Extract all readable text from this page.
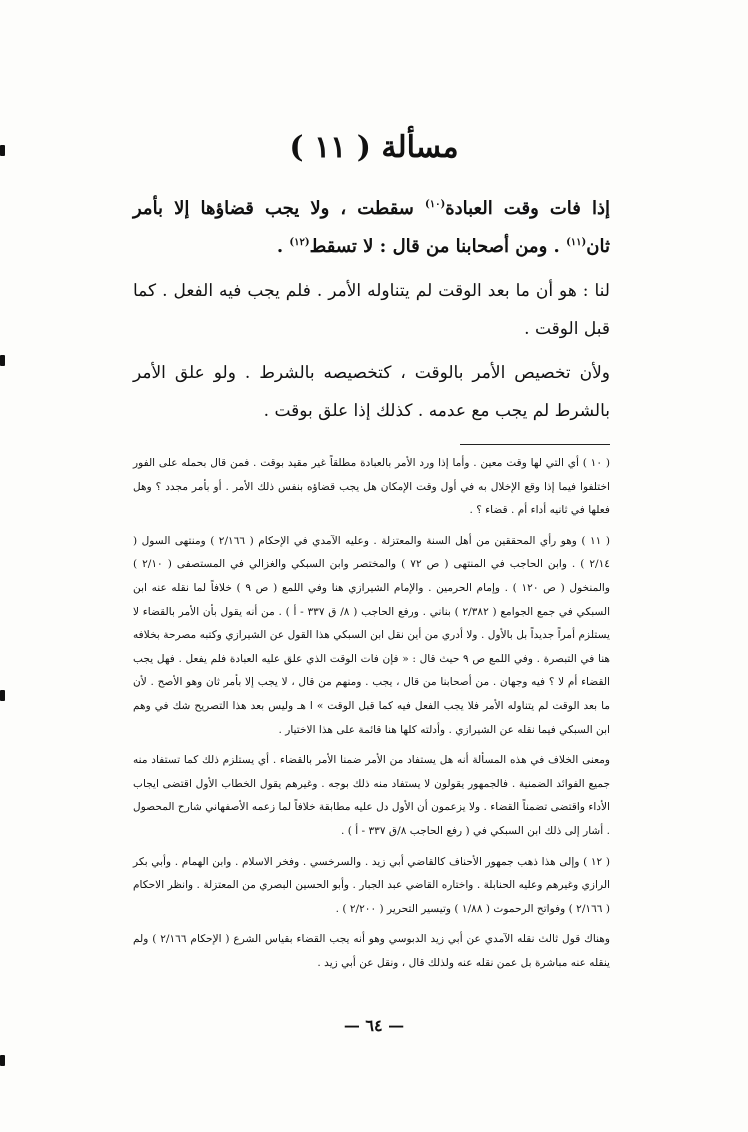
مسألة ( ١١ )

إذا فات وقت العبادة$^{(١٠)}$ سقطت ، ولا يجب قضاؤها إلا بأمر ثان$^{(١١)}$ . ومن أصحابنا من قال : لا تسقط$^{(١٢)}$ .

لنا : هو أن ما بعد الوقت لم يتناوله الأمر . فلم يجب فيه الفعل . كما قبل الوقت .

ولأن تخصيص الأمر بالوقت ، كتخصيصه بالشرط . ولو علق الأمر بالشرط لم يجب مع عدمه . كذلك إذا علق بوقت .

( ١٠ ) أي التي لها وقت معين . وأما إذا ورد الأمر بالعبادة مطلقاً غير مقيد بوقت . فمن قال بحمله على الفور اختلفوا فيما إذا وقع الإخلال به في أول وقت الإمكان هل يجب قضاؤه بنفس ذلك الأمر . أو بأمر مجدد ؟ وهل فعلها في ثانيه أداء أم . قضاء ؟ .

( ١١ ) وهو رأي المحققين من أهل السنة والمعتزلة . وعليه الآمدي في الإحكام ( ٢/١٦٦ ) ومنتهى السول ( ٢/١٤ ) . وابن الحاجب في المنتهى ( ص ٧٢ ) والمختصر وابن السبكي والغزالي في المستصفى ( ٢/١٠ ) والمنخول ( ص ١٢٠ ) . وإمام الحرمين . والإمام الشيرازي هنا وفي اللمع ( ص ٩ ) خلافاً لما نقله عنه ابن السبكي في جمع الجوامع ( ٢/٣٨٢ ) بناني . ورفع الحاجب ( ٨/ ق ٣٣٧ - أ ) . من أنه يقول بأن الأمر بالقضاء لا يستلزم أمراً جديداً بل بالأول . ولا أدري من أين نقل ابن السبكي هذا القول عن الشيرازي وكتبه مصرحة بخلافه هنا في التبصرة . وفي اللمع ص ٩ حيث قال : « فإن فات الوقت الذي علق عليه العبادة فلم يفعل . فهل يجب القضاء أم لا ؟ فيه وجهان . من أصحابنا من قال ، يجب . ومنهم من قال ، لا يجب إلا بأمر ثان وهو الأصح . لأن ما بعد الوقت لم يتناوله الأمر فلا يجب الفعل فيه كما قبل الوقت » ا هـ وليس بعد هذا التصريح شك في وهم ابن السبكي فيما نقله عن الشيرازي . وأدلته كلها هنا قائمة على هذا الاختيار .

ومعنى الخلاف في هذه المسألة أنه هل يستفاد من الأمر ضمنا الأمر بالقضاء . أي يستلزم ذلك كما تستفاد منه جميع الفوائد الضمنية . فالجمهور يقولون لا يستفاد منه ذلك بوجه . وغيرهم يقول الخطاب الأول اقتضى ايجاب الأداء واقتضى تضمناً القضاء . ولا يزعمون أن الأول دل عليه مطابقة خلافاً لما زعمه الأصفهاني شارح المحصول . أشار إلى ذلك ابن السبكي في ( رفع الحاجب ٨/ق ٣٣٧ - أ ) .

( ١٢ ) وإلى هذا ذهب جمهور الأحناف كالقاضي أبي زيد . والسرخسي . وفخر الاسلام . وابن الهمام . وأبي بكر الرازي وغيرهم وعليه الحنابلة . واختاره القاضي عبد الجبار . وأبو الحسين البصري من المعتزلة . وانظر الاحكام ( ٢/١٦٦ ) وفواتح الرحموت ( ١/٨٨ ) وتيسير التحرير ( ٢/٢٠٠ ) .

وهناك قول ثالث نقله الآمدي عن أبي زيد الدبوسي وهو أنه يجب القضاء بقياس الشرع ( الإحكام ٢/١٦٦ ) ولم ينقله عنه مباشرة بل عمن نقله عنه ولذلك قال ، ونقل عن أبي زيد .

— ٦٤ —
